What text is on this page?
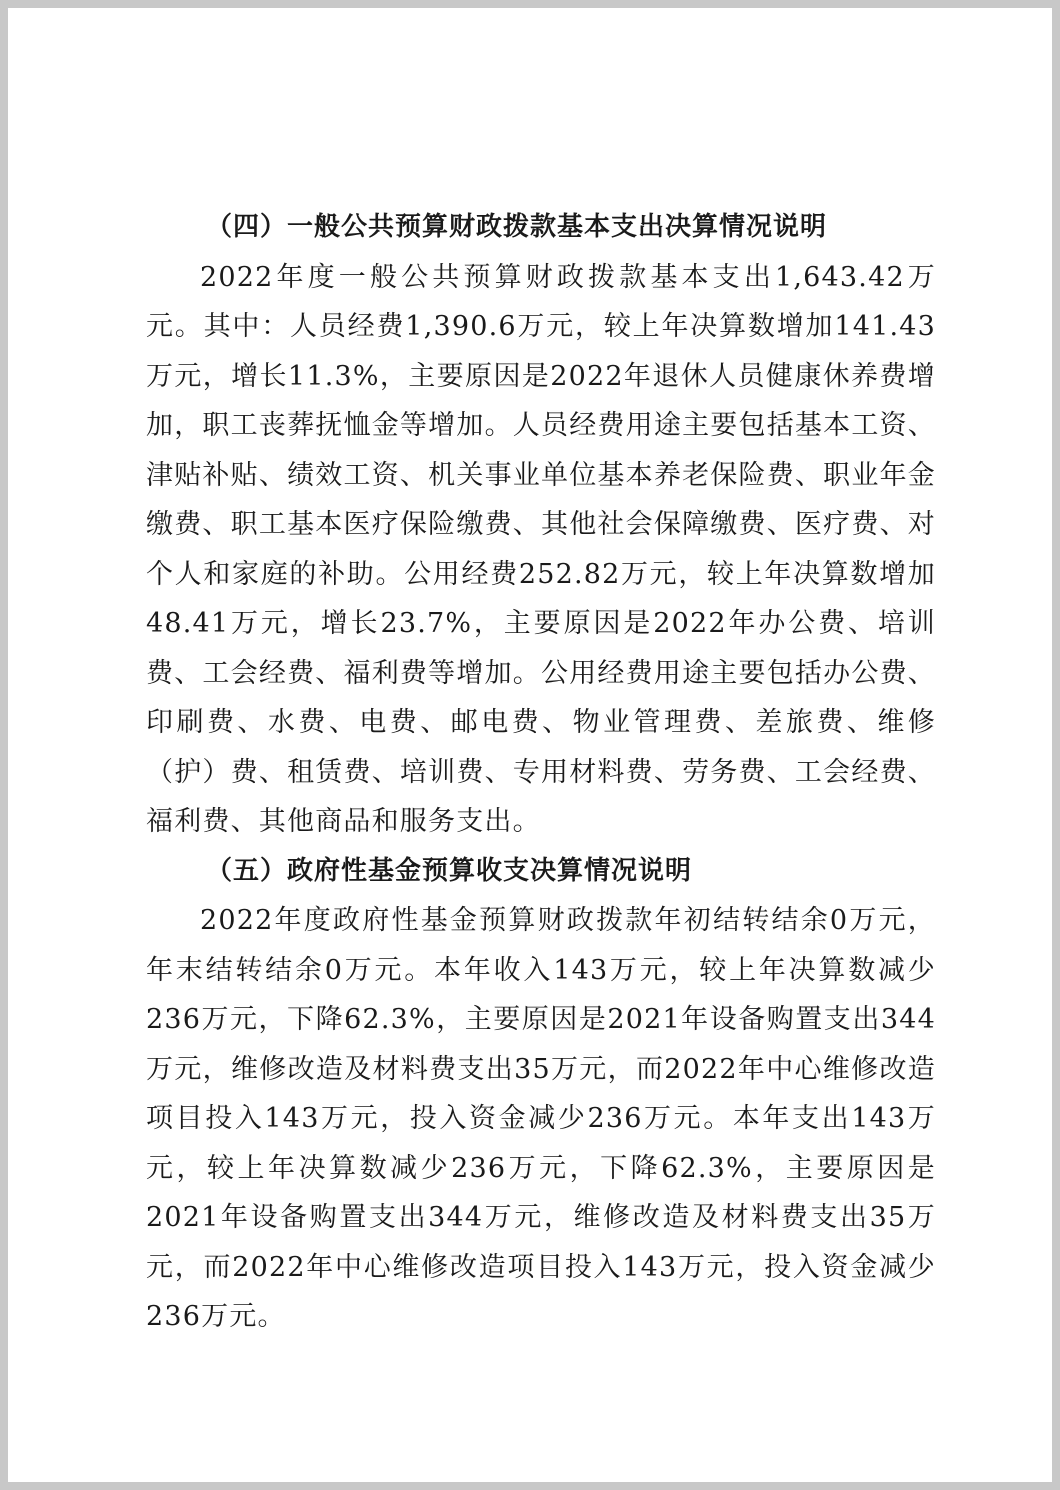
（四）一般公共预算财政拨款基本支出决算情况说明

2022年度一般公共预算财政拨款基本支出1,643.42万元。其中：人员经费1,390.6万元，较上年决算数增加141.43万元，增长11.3%，主要原因是2022年退休人员健康休养费增加，职工丧葬抚恤金等增加。人员经费用途主要包括基本工资、津贴补贴、绩效工资、机关事业单位基本养老保险费、职业年金缴费、职工基本医疗保险缴费、其他社会保障缴费、医疗费、对个人和家庭的补助。公用经费252.82万元，较上年决算数增加48.41万元，增长23.7%，主要原因是2022年办公费、培训费、工会经费、福利费等增加。公用经费用途主要包括办公费、印刷费、水费、电费、邮电费、物业管理费、差旅费、维修（护）费、租赁费、培训费、专用材料费、劳务费、工会经费、福利费、其他商品和服务支出。

（五）政府性基金预算收支决算情况说明

2022年度政府性基金预算财政拨款年初结转结余0万元，年末结转结余0万元。本年收入143万元，较上年决算数减少236万元，下降62.3%，主要原因是2021年设备购置支出344万元，维修改造及材料费支出35万元，而2022年中心维修改造项目投入143万元，投入资金减少236万元。本年支出143万元，较上年决算数减少236万元，下降62.3%，主要原因是2021年设备购置支出344万元，维修改造及材料费支出35万元，而2022年中心维修改造项目投入143万元，投入资金减少236万元。
